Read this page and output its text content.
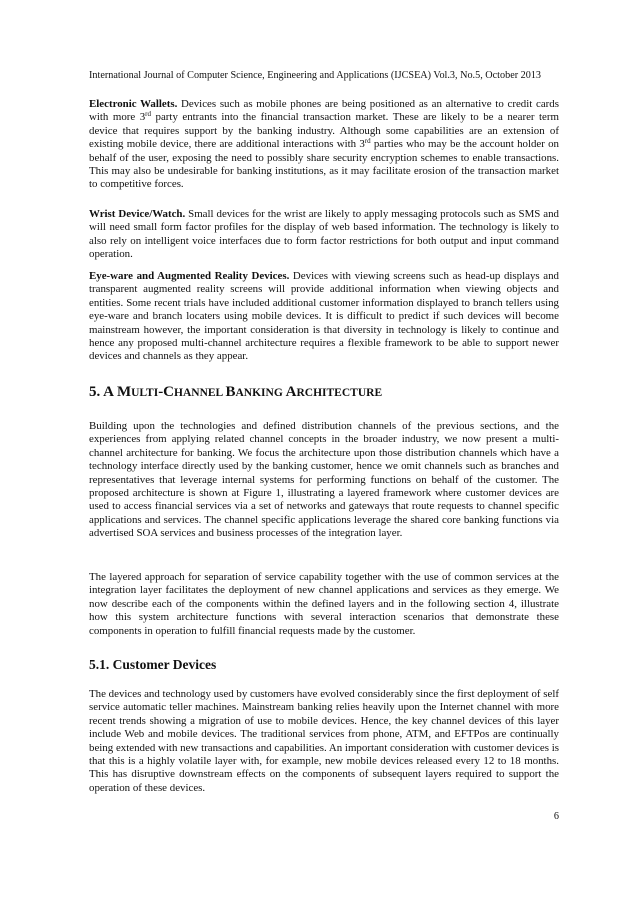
International Journal of Computer Science, Engineering and Applications (IJCSEA) Vol.3, No.5, October 2013
Electronic Wallets. Devices such as mobile phones are being positioned as an alternative to credit cards with more 3rd party entrants into the financial transaction market. These are likely to be a nearer term device that requires support by the banking industry. Although some capabilities are an extension of existing mobile device, there are additional interactions with 3rd parties who may be the account holder on behalf of the user, exposing the need to possibly share security encryption schemes to enable transactions. This may also be undesirable for banking institutions, as it may facilitate erosion of the transaction market to competitive forces.
Wrist Device/Watch. Small devices for the wrist are likely to apply messaging protocols such as SMS and will need small form factor profiles for the display of web based information. The technology is likely to also rely on intelligent voice interfaces due to form factor restrictions for both output and input command operation.
Eye-ware and Augmented Reality Devices. Devices with viewing screens such as head-up displays and transparent augmented reality screens will provide additional information when viewing objects and entities. Some recent trials have included additional customer information displayed to branch tellers using eye-ware and branch locaters using mobile devices. It is difficult to predict if such devices will become mainstream however, the important consideration is that diversity in technology is likely to continue and hence any proposed multi-channel architecture requires a flexible framework to be able to support newer devices and channels as they appear.
5. A MULTI-CHANNEL BANKING ARCHITECTURE
Building upon the technologies and defined distribution channels of the previous sections, and the experiences from applying related channel concepts in the broader industry, we now present a multi-channel architecture for banking. We focus the architecture upon those distribution channels which have a technology interface directly used by the banking customer, hence we omit channels such as branches and representatives that leverage internal systems for performing functions on behalf of the customer. The proposed architecture is shown at Figure 1, illustrating a layered framework where customer devices are used to access financial services via a set of networks and gateways that route requests to channel specific applications and services. The channel specific applications leverage the shared core banking functions via advertised SOA services and business processes of the integration layer.
The layered approach for separation of service capability together with the use of common services at the integration layer facilitates the deployment of new channel applications and services as they emerge. We now describe each of the components within the defined layers and in the following section 4, illustrate how this system architecture functions with several interaction scenarios that demonstrate these components in operation to fulfill financial requests made by the customer.
5.1. Customer Devices
The devices and technology used by customers have evolved considerably since the first deployment of self service automatic teller machines. Mainstream banking relies heavily upon the Internet channel with more recent trends showing a migration of use to mobile devices. Hence, the key channel devices of this layer include Web and mobile devices. The traditional services from phone, ATM, and EFTPos are continually being extended with new transactions and capabilities. An important consideration with customer devices is that this is a highly volatile layer with, for example, new mobile devices released every 12 to 18 months. This has disruptive downstream effects on the components of subsequent layers required to support the operation of these devices.
6
